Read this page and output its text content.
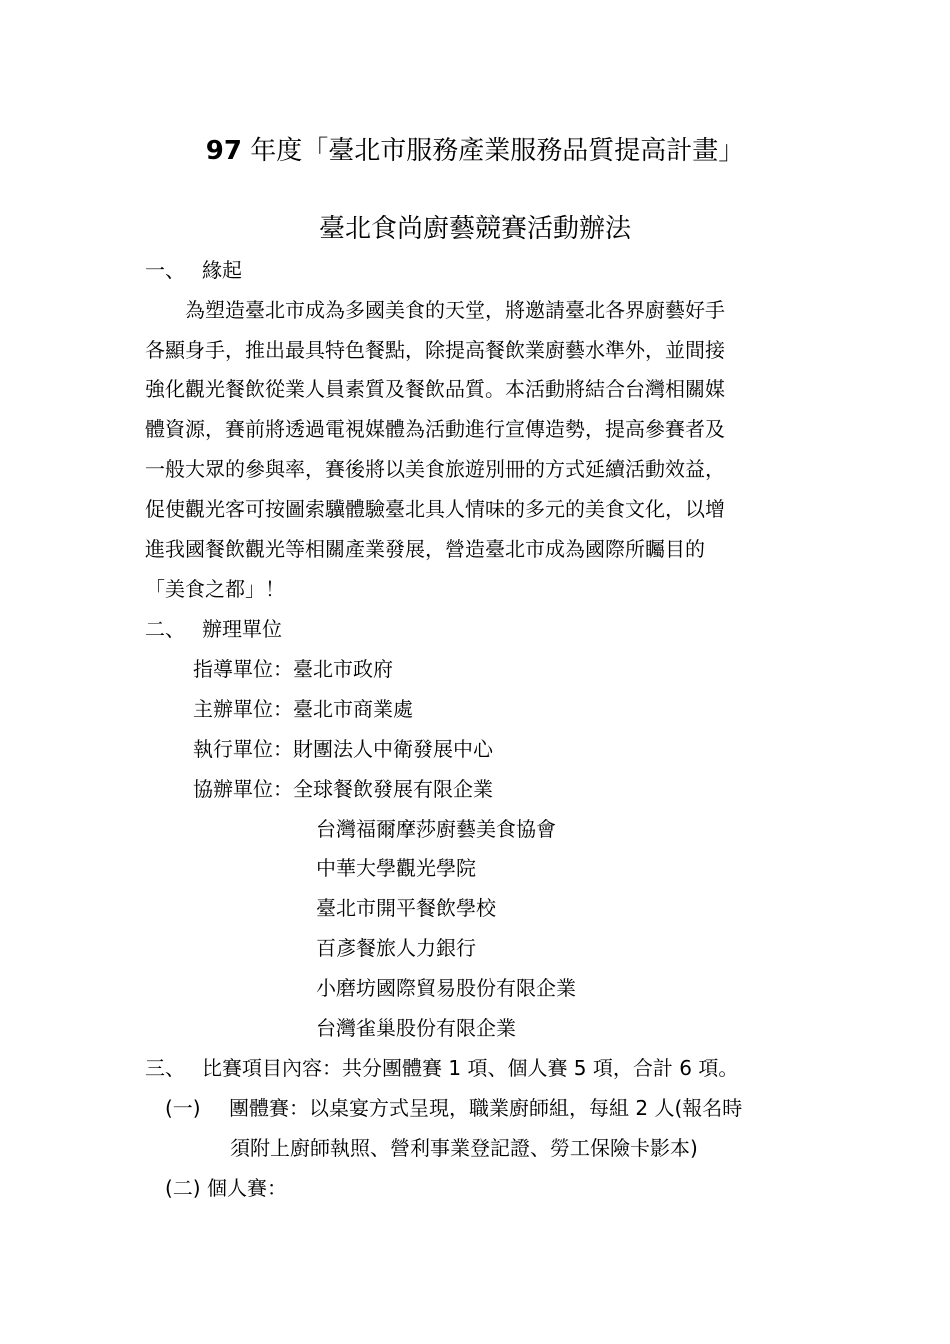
97 年度「臺北市服務產業服務品質提高計畫」
臺北食尚廚藝競賽活動辦法
一、 緣起
　　為塑造臺北市成為多國美食的天堂，將邀請臺北各界廚藝好手
各顯身手，推出最具特色餐點，除提高餐飲業廚藝水準外，並間接
強化觀光餐飲從業人員素質及餐飲品質。本活動將結合台灣相關媒
體資源，賽前將透過電視媒體為活動進行宣傳造勢，提高參賽者及
一般大眾的參與率，賽後將以美食旅遊別冊的方式延續活動效益，
促使觀光客可按圖索驥體驗臺北具人情味的多元的美食文化，以增
進我國餐飲觀光等相關產業發展，營造臺北市成為國際所矚目的
「美食之都」！
二、 辦理單位
指導單位：臺北市政府
主辦單位：臺北市商業處
執行單位：財團法人中衛發展中心
協辦單位：全球餐飲發展有限企業
台灣福爾摩莎廚藝美食協會
中華大學觀光學院
臺北市開平餐飲學校
百彥餐旅人力銀行
小磨坊國際貿易股份有限企業
台灣雀巢股份有限企業
三、 比賽項目內容：共分團體賽 1 項、個人賽 5 項，合計 6 項。
(一) 團體賽：以桌宴方式呈現，職業廚師組，每組 2 人(報名時
須附上廚師執照、營利事業登記證、勞工保險卡影本)
(二) 個人賽：
